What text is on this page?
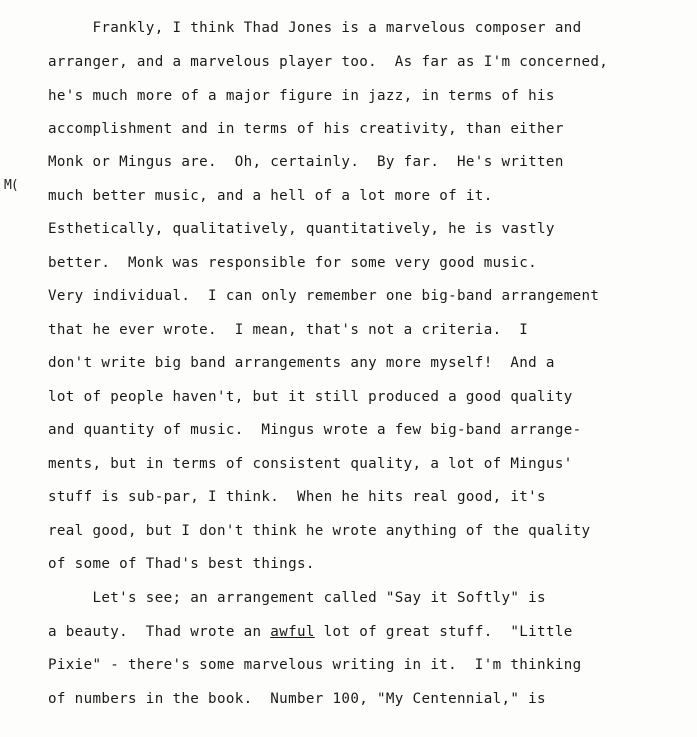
M(
Frankly, I think Thad Jones is a marvelous composer and
arranger, and a marvelous player too.  As far as I'm concerned,
he's much more of a major figure in jazz, in terms of his
accomplishment and in terms of his creativity, than either
Monk or Mingus are.  Oh, certainly.  By far.  He's written
much better music, and a hell of a lot more of it.
Esthetically, qualitatively, quantitatively, he is vastly
better.  Monk was responsible for some very good music.
Very individual.  I can only remember one big-band arrangement
that he ever wrote.  I mean, that's not a criteria.  I
don't write big band arrangements any more myself!  And a
lot of people haven't, but it still produced a good quality
and quantity of music.  Mingus wrote a few big-band arrange-
ments, but in terms of consistent quality, a lot of Mingus'
stuff is sub-par, I think.  When he hits real good, it's
real good, but I don't think he wrote anything of the quality
of some of Thad's best things.
Let's see; an arrangement called "Say it Softly" is
a beauty.  Thad wrote an awful lot of great stuff.  "Little
Pixie" - there's some marvelous writing in it.  I'm thinking
of numbers in the book.  Number 100, "My Centennial," is
